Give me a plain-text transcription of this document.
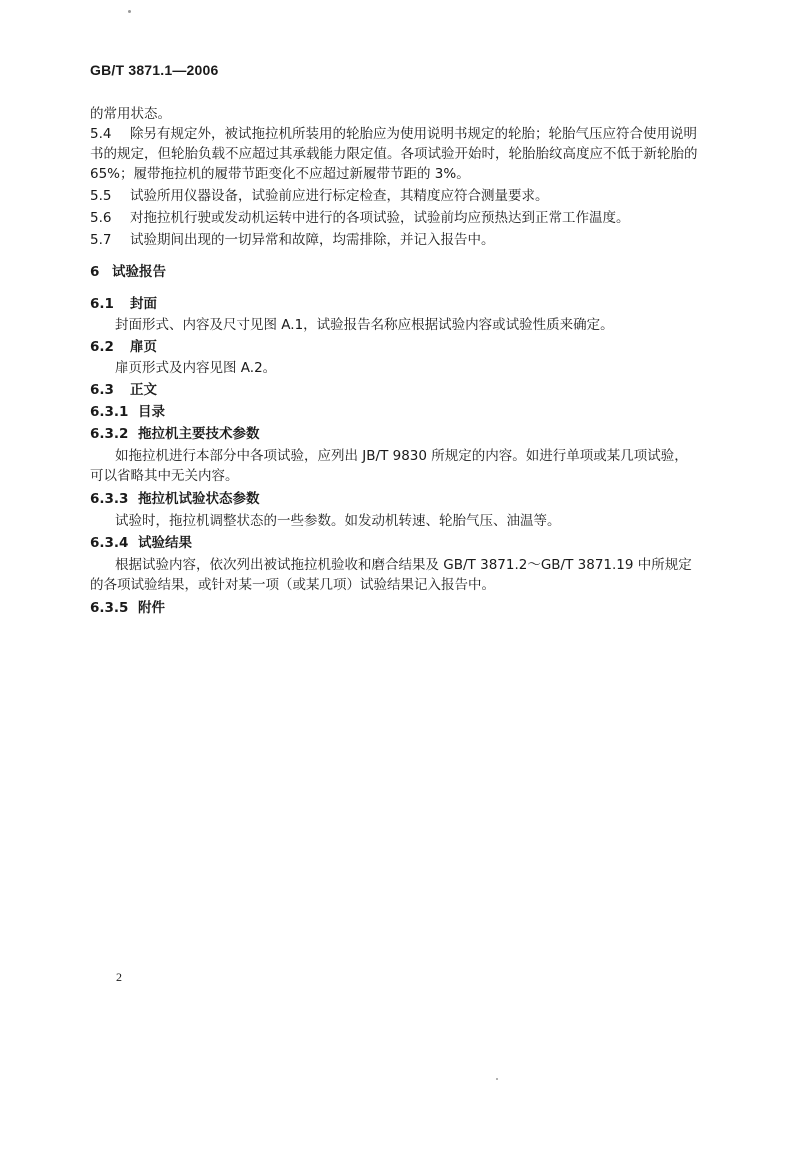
GB/T 3871.1—2006
的常用状态。
5.4 除另有规定外，被试拖拉机所装用的轮胎应为使用说明书规定的轮胎；轮胎气压应符合使用说明
书的规定，但轮胎负载不应超过其承载能力限定值。各项试验开始时，轮胎胎纹高度应不低于新轮胎的
65%；履带拖拉机的履带节距变化不应超过新履带节距的 3%。
5.5 试验所用仪器设备，试验前应进行标定检查，其精度应符合测量要求。
5.6 对拖拉机行驶或发动机运转中进行的各项试验，试验前均应预热达到正常工作温度。
5.7 试验期间出现的一切异常和故障，均需排除，并记入报告中。
6 试验报告
6.1 封面
封面形式、内容及尺寸见图 A.1，试验报告名称应根据试验内容或试验性质来确定。
6.2 扉页
扉页形式及内容见图 A.2。
6.3 正文
6.3.1 目录
6.3.2 拖拉机主要技术参数
如拖拉机进行本部分中各项试验，应列出 JB/T 9830 所规定的内容。如进行单项或某几项试验，
可以省略其中无关内容。
6.3.3 拖拉机试验状态参数
试验时，拖拉机调整状态的一些参数。如发动机转速、轮胎气压、油温等。
6.3.4 试验结果
根据试验内容，依次列出被试拖拉机验收和磨合结果及 GB/T 3871.2～GB/T 3871.19 中所规定
的各项试验结果，或针对某一项（或某几项）试验结果记入报告中。
6.3.5 附件
2
